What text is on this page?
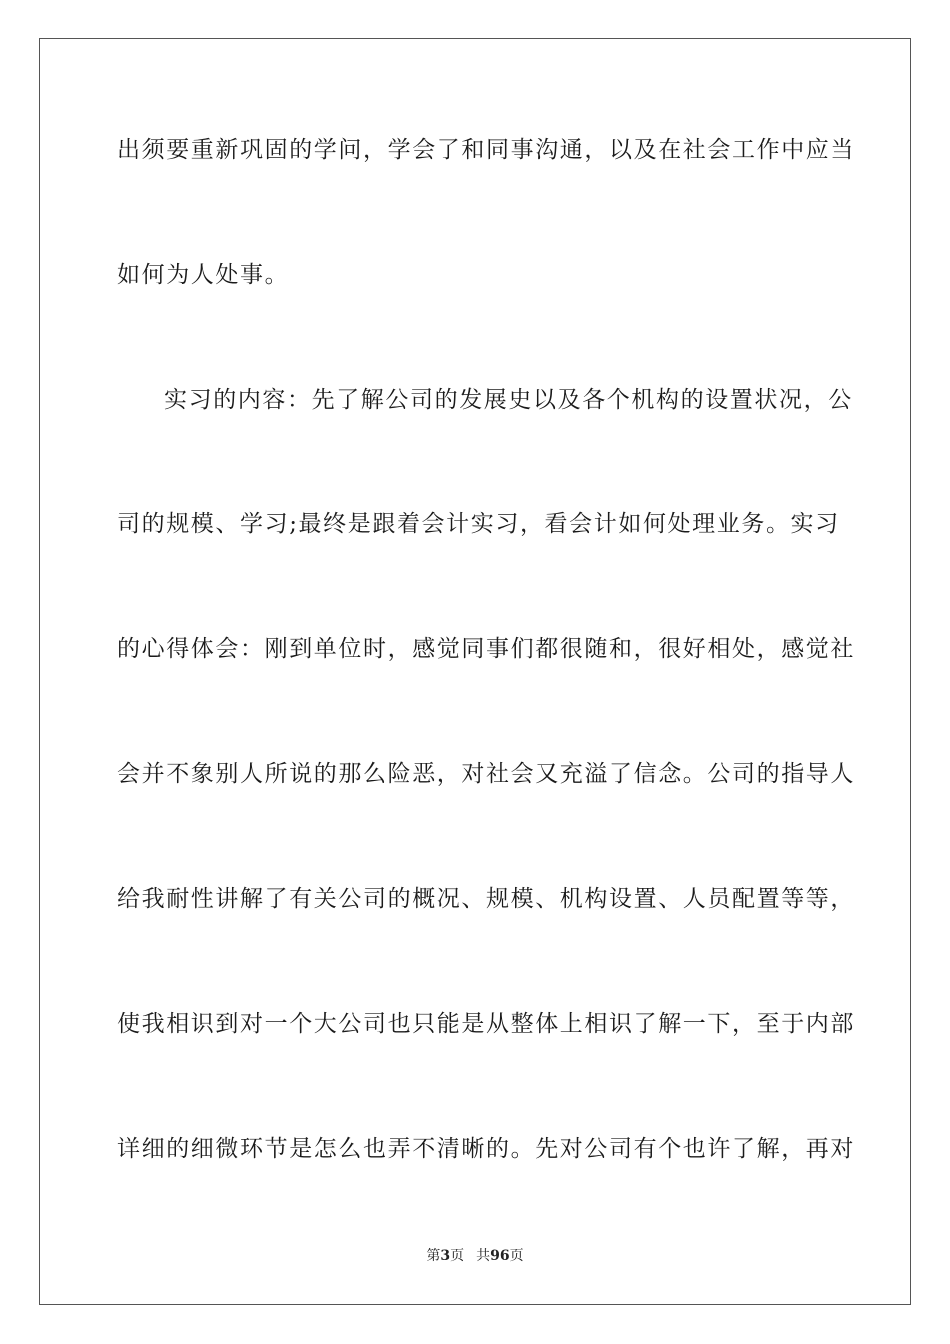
出须要重新巩固的学问，学会了和同事沟通，以及在社会工作中应当
如何为人处事。
实习的内容：先了解公司的发展史以及各个机构的设置状况，公
司的规模、学习;最终是跟着会计实习，看会计如何处理业务。实习
的心得体会：刚到单位时，感觉同事们都很随和，很好相处，感觉社
会并不象别人所说的那么险恶，对社会又充溢了信念。公司的指导人
给我耐性讲解了有关公司的概况、规模、机构设置、人员配置等等，
使我相识到对一个大公司也只能是从整体上相识了解一下，至于内部
详细的细微环节是怎么也弄不清晰的。先对公司有个也许了解，再对
第3页 共96页
